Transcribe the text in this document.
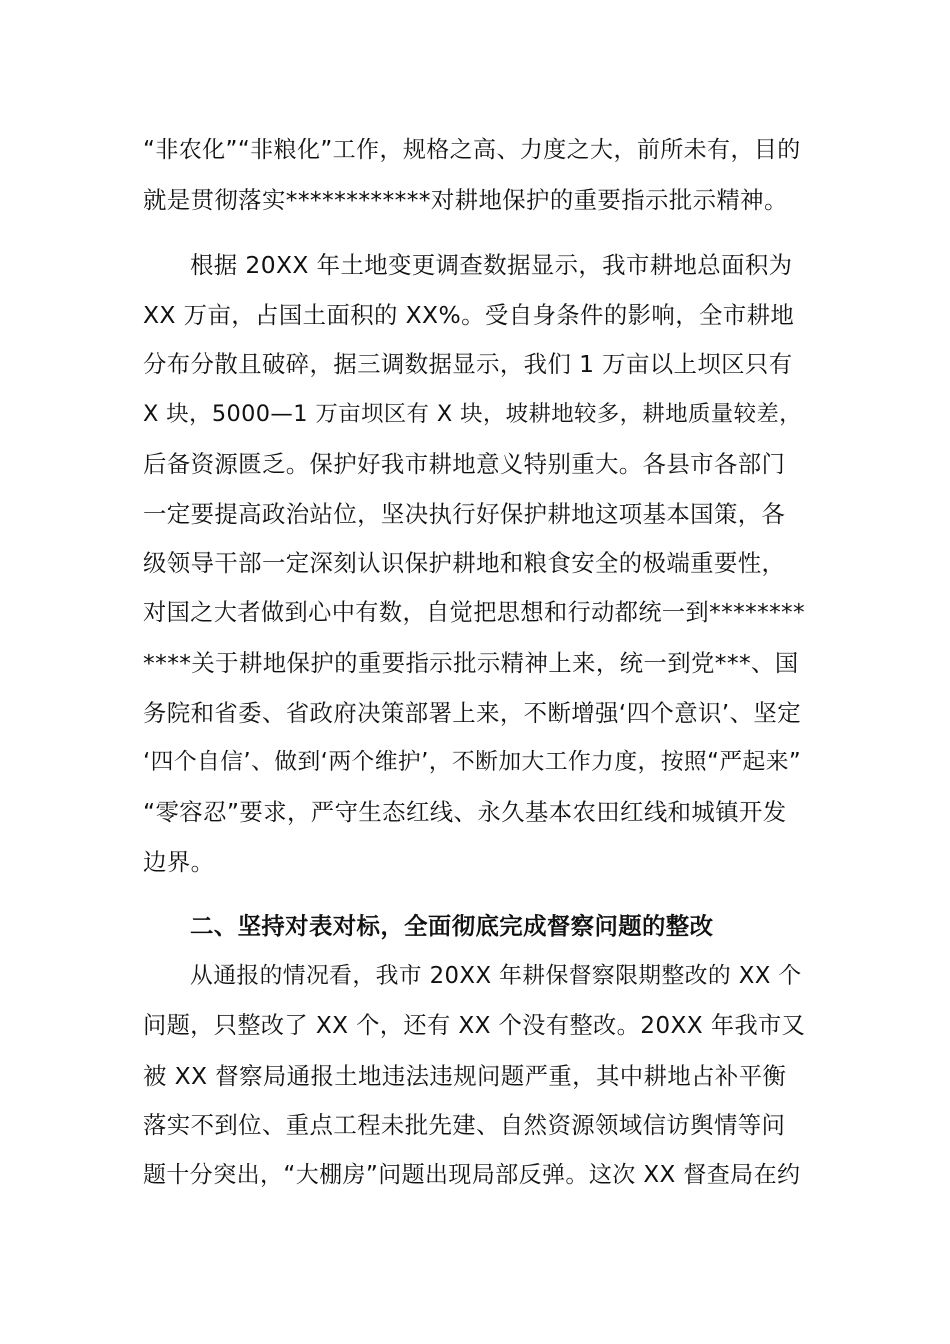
“非农化”“非粮化”工作，规格之高、力度之大，前所未有，目的
就是贯彻落实************对耕地保护的重要指示批示精神。
根据 20XX 年土地变更调查数据显示，我市耕地总面积为
XX 万亩，占国土面积的 XX%。受自身条件的影响，全市耕地
分布分散且破碎，据三调数据显示，我们 1 万亩以上坝区只有
X 块，5000—1 万亩坝区有 X 块，坡耕地较多，耕地质量较差，
后备资源匮乏。保护好我市耕地意义特别重大。各县市各部门
一定要提高政治站位，坚决执行好保护耕地这项基本国策，各
级领导干部一定深刻认识保护耕地和粮食安全的极端重要性，
对国之大者做到心中有数，自觉把思想和行动都统一到********
****关于耕地保护的重要指示批示精神上来，统一到党***、国
务院和省委、省政府决策部署上来，不断增强‘四个意识’、坚定
‘四个自信’、做到‘两个维护’，不断加大工作力度，按照“严起来”
“零容忍”要求，严守生态红线、永久基本农田红线和城镇开发
边界。
二、坚持对表对标，全面彻底完成督察问题的整改
从通报的情况看，我市 20XX 年耕保督察限期整改的 XX 个
问题，只整改了 XX 个，还有 XX 个没有整改。20XX 年我市又
被 XX 督察局通报土地违法违规问题严重，其中耕地占补平衡
落实不到位、重点工程未批先建、自然资源领域信访舆情等问
题十分突出，“大棚房”问题出现局部反弹。这次 XX 督查局在约
